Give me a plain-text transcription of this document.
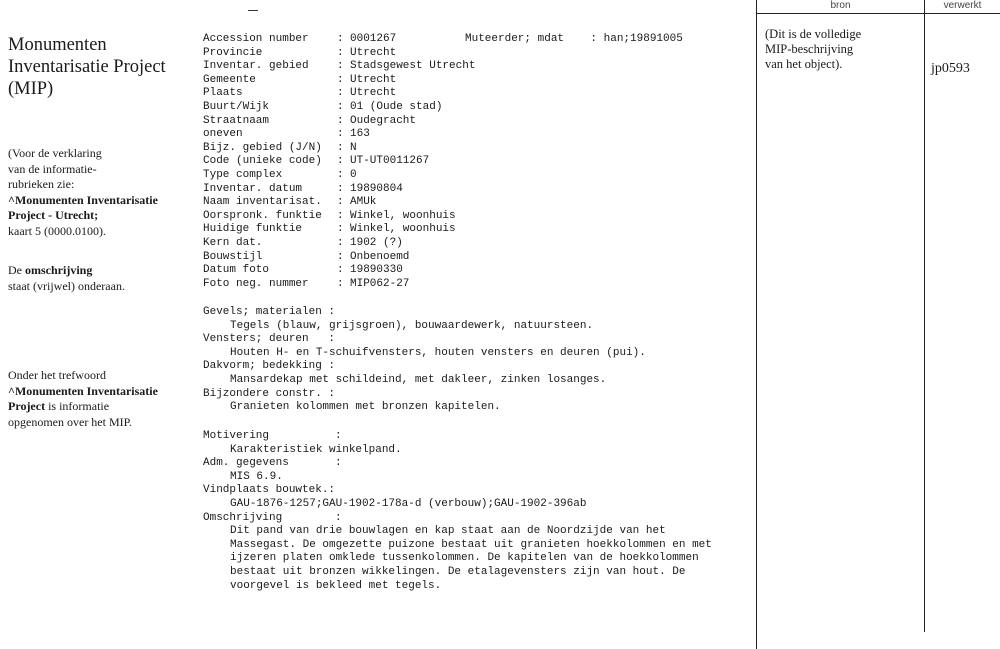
Monumenten Inventarisatie Project (MIP)
(Voor de verklaring
van de informatie-
rubrieken zie:
^Monumenten Inventarisatie
Project - Utrecht;
kaart 5 (0000.0100).
De omschrijving
staat (vrijwel) onderaan.
Onder het trefwoord
^Monumenten Inventarisatie
Project is informatie
opgenomen over het MIP.
Muteerder; mdat    : han;19891005
Accession number	: 0001267
Provincie	: Utrecht
Inventar. gebied	: Stadsgewest Utrecht
Gemeente	: Utrecht
Plaats	: Utrecht
Buurt/Wijk	: 01 (Oude stad)
Straatnaam	: Oudegracht
oneven	: 163
Bijz. gebied (J/N)	: N
Code (unieke code)	: UT-UT0011267
Type complex	: 0
Inventar. datum	: 19890804
Naam inventarisat.	: AMUk
Oorspronk. funktie	: Winkel, woonhuis
Huidige funktie	: Winkel, woonhuis
Kern dat.	: 1902 (?)
Bouwstijl	: Onbenoemd
Datum foto	: 19890330
Foto neg. nummer	: MIP062-27
Gevels; materialen :
Tegels (blauw, grijsgroen), bouwaardewerk, natuursteen.
Vensters; deuren   :
Houten H- en T-schuifvensters, houten vensters en deuren (pui).
Dakvorm; bedekking :
Mansardekap met schildeind, met dakleer, zinken losanges.
Bijzondere constr. :
Granieten kolommen met bronzen kapitelen.
Motivering          :
Karakteristiek winkelpand.
Adm. gegevens       :
MIS 6.9.
Vindplaats bouwtek.:
GAU-1876-1257;GAU-1902-178a-d (verbouw);GAU-1902-396ab
Omschrijving        :
Dit pand van drie bouwlagen en kap staat aan de Noordzijde van het
Massegast. De omgezette puizone bestaat uit granieten hoekkolommen en met
ijzeren platen omklede tussenkolommen. De kapitelen van de hoekkolommen
bestaat uit bronzen wikkelingen. De etalagevensters zijn van hout. De
voorgevel is bekleed met tegels.
bron	verwerkt
(Dit is de volledige
MIP-beschrijving
van het object).	jp0593
